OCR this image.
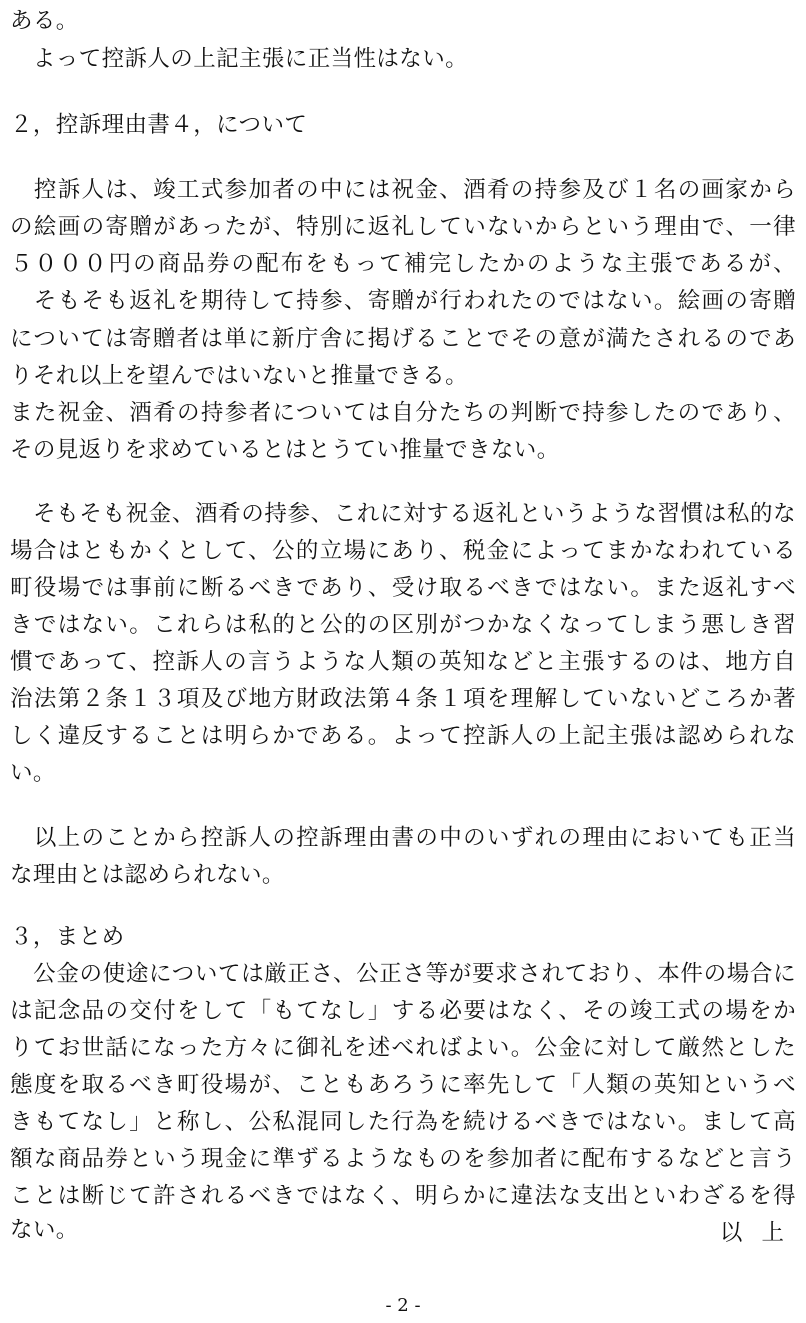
ある。
　よって控訴人の上記主張に正当性はない。
２，控訴理由書４，について
　控訴人は、竣工式参加者の中には祝金、酒肴の持参及び１名の画家から
の絵画の寄贈があったが、特別に返礼していないからという理由で、一律
５０００円の商品券の配布をもって補完したかのような主張であるが、
　そもそも返礼を期待して持参、寄贈が行われたのではない。絵画の寄贈
については寄贈者は単に新庁舎に掲げることでその意が満たされるのであ
りそれ以上を望んではいないと推量できる。
また祝金、酒肴の持参者については自分たちの判断で持参したのであり、
その見返りを求めているとはとうてい推量できない。
　そもそも祝金、酒肴の持参、これに対する返礼というような習慣は私的な
場合はともかくとして、公的立場にあり、税金によってまかなわれている
町役場では事前に断るべきであり、受け取るべきではない。また返礼すべ
きではない。これらは私的と公的の区別がつかなくなってしまう悪しき習
慣であって、控訴人の言うような人類の英知などと主張するのは、地方自
治法第２条１３項及び地方財政法第４条１項を理解していないどころか著
しく違反することは明らかである。よって控訴人の上記主張は認められな
い。
　以上のことから控訴人の控訴理由書の中のいずれの理由においても正当
な理由とは認められない。
３，まとめ
　公金の使途については厳正さ、公正さ等が要求されており、本件の場合に
は記念品の交付をして「もてなし」する必要はなく、その竣工式の場をか
りてお世話になった方々に御礼を述べればよい。公金に対して厳然とした
態度を取るべき町役場が、こともあろうに率先して「人類の英知というべ
きもてなし」と称し、公私混同した行為を続けるべきではない。まして高
額な商品券という現金に準ずるようなものを参加者に配布するなどと言う
ことは断じて許されるべきではなく、明らかに違法な支出といわざるを得
ない。	以 上
- 2 -
